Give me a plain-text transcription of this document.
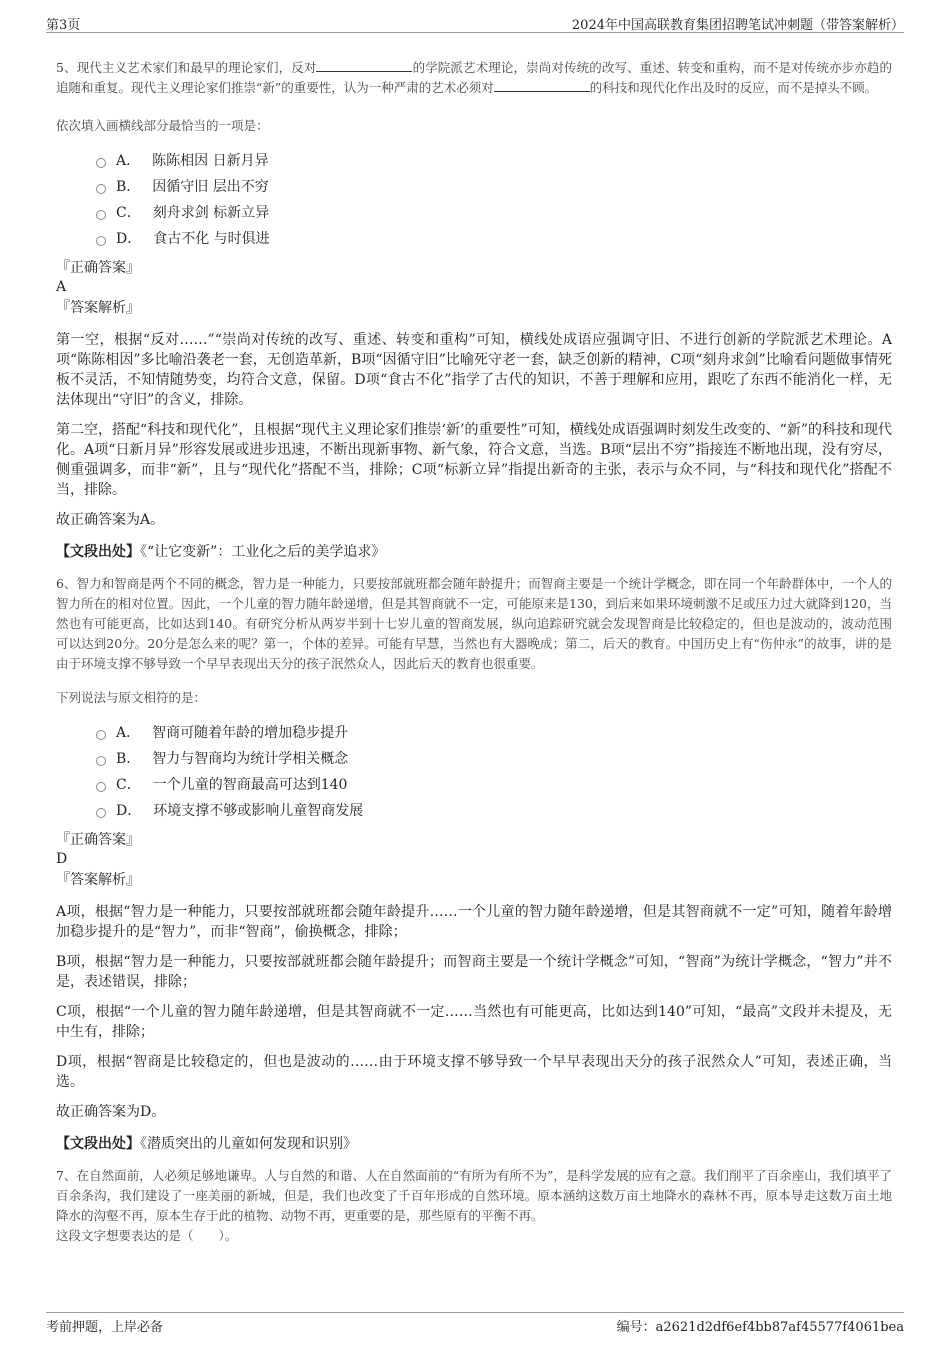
第3页	2024年中国高联教育集团招聘笔试冲刺题（带答案解析）

5、现代主义艺术家们和最早的理论家们，反对	的学院派艺术理论，崇尚对传统的改写、重述、转变和重构，而不是对传统亦步亦趋的追随和重复。现代主义理论家们推崇“新”的重要性，认为一种严肃的艺术必须对	的科技和现代化作出及时的反应，而不是掉头不顾。

依次填入画横线部分最恰当的一项是：

A． 陈陈相因 日新月异
B． 因循守旧 层出不穷
C． 刻舟求剑 标新立异
D． 食古不化 与时俱进

『正确答案』

A

『答案解析』

第一空，根据“反对……”“崇尚对传统的改写、重述、转变和重构”可知，横线处成语应强调守旧、不进行创新的学院派艺术理论。A项“陈陈相因”多比喻沿袭老一套，无创造革新，B项“因循守旧”比喻死守老一套，缺乏创新的精神，C项“刻舟求剑”比喻看问题做事情死板不灵活，不知情随势变，均符合文意，保留。D项“食古不化”指学了古代的知识，不善于理解和应用，跟吃了东西不能消化一样，无法体现出“守旧”的含义，排除。

第二空，搭配“科技和现代化”，且根据“现代主义理论家们推崇‘新’的重要性”可知，横线处成语强调时刻发生改变的、“新”的科技和现代化。A项“日新月异”形容发展或进步迅速，不断出现新事物、新气象，符合文意，当选。B项“层出不穷”指接连不断地出现，没有穷尽，侧重强调多，而非“新”，且与“现代化”搭配不当，排除；C项“标新立异”指提出新奇的主张，表示与众不同，与“科技和现代化”搭配不当，排除。

故正确答案为A。

【文段出处】《“让它变新”：工业化之后的美学追求》

6、智力和智商是两个不同的概念，智力是一种能力，只要按部就班都会随年龄提升；而智商主要是一个统计学概念，即在同一个年龄群体中，一个人的智力所在的相对位置。因此，一个儿童的智力随年龄递增，但是其智商就不一定，可能原来是130，到后来如果环境刺激不足或压力过大就降到120，当然也有可能更高，比如达到140。有研究分析从两岁半到十七岁儿童的智商发展，纵向追踪研究就会发现智商是比较稳定的，但也是波动的，波动范围可以达到20分。20分是怎么来的呢？第一，个体的差异。可能有早慧，当然也有大器晚成；第二，后天的教育。中国历史上有“伤仲永”的故事，讲的是由于环境支撑不够导致一个早早表现出天分的孩子泯然众人，因此后天的教育也很重要。

下列说法与原文相符的是：

A． 智商可随着年龄的增加稳步提升
B． 智力与智商均为统计学相关概念
C． 一个儿童的智商最高可达到140
D． 环境支撑不够或影响儿童智商发展

『正确答案』

D

『答案解析』

A项，根据“智力是一种能力，只要按部就班都会随年龄提升……一个儿童的智力随年龄递增，但是其智商就不一定”可知，随着年龄增加稳步提升的是“智力”，而非“智商”，偷换概念，排除；

B项，根据“智力是一种能力，只要按部就班都会随年龄提升；而智商主要是一个统计学概念”可知，“智商”为统计学概念，“智力”并不是，表述错误，排除；

C项，根据“一个儿童的智力随年龄递增，但是其智商就不一定……当然也有可能更高，比如达到140”可知，“最高”文段并未提及，无中生有，排除；

D项，根据“智商是比较稳定的，但也是波动的……由于环境支撑不够导致一个早早表现出天分的孩子泯然众人”可知，表述正确，当选。

故正确答案为D。

【文段出处】《潜质突出的儿童如何发现和识别》

7、在自然面前，人必须足够地谦卑。人与自然的和谐、人在自然面前的“有所为有所不为”，是科学发展的应有之意。我们削平了百余座山，我们填平了百余条沟，我们建设了一座美丽的新城，但是，我们也改变了千百年形成的自然环境。原本涵纳这数万亩土地降水的森林不再，原本导走这数万亩土地降水的沟壑不再，原本生存于此的植物、动物不再，更重要的是，那些原有的平衡不再。

这段文字想要表达的是（　　）。

考前押题，上岸必备	编号：a2621d2df6ef4bb87af45577f4061bea
